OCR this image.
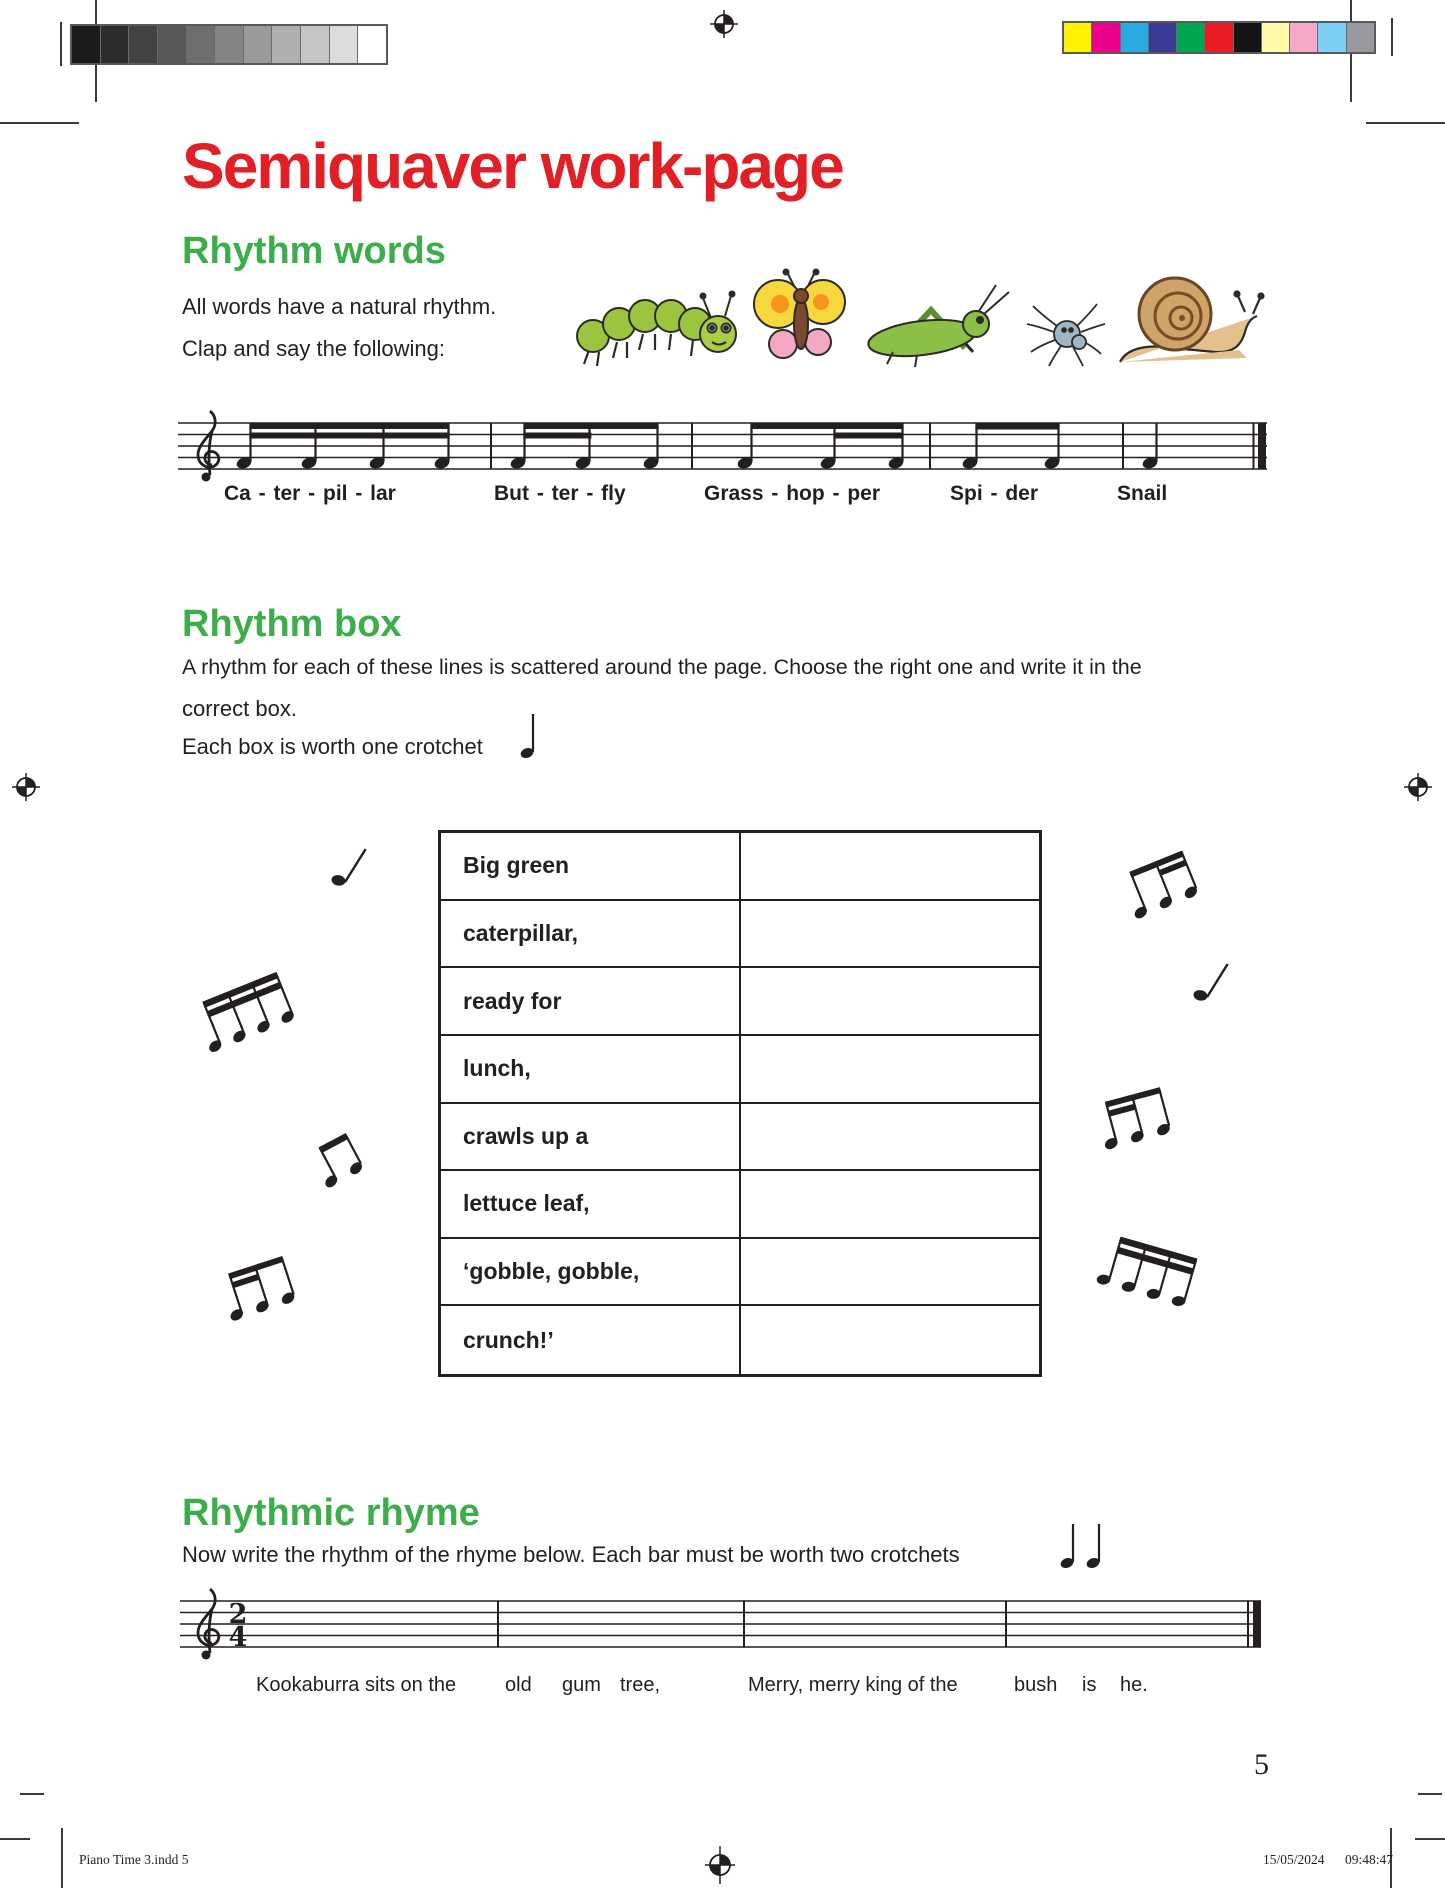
Piano Time 3.indd 5	15/05/2024 09:48:47
Semiquaver work-page
Rhythm words
All words have a natural rhythm.
Clap and say the following:
Ca - ter - pil - lar	But - ter - fly	Grass - hop - per	Spi - der	Snail
Rhythm box
A rhythm for each of these lines is scattered around the page. Choose the right one and write it in the
correct box.
Each box is worth one crotchet
Big green
caterpillar,
ready for
lunch,
crawls up a
lettuce leaf,
‘gobble, gobble,
crunch!’
Rhythmic rhyme
Now write the rhythm of the rhyme below. Each bar must be worth two crotchets
2
4
Kookaburra sits on the old gum tree,	Merry, merry king of the	bush is he.
5
